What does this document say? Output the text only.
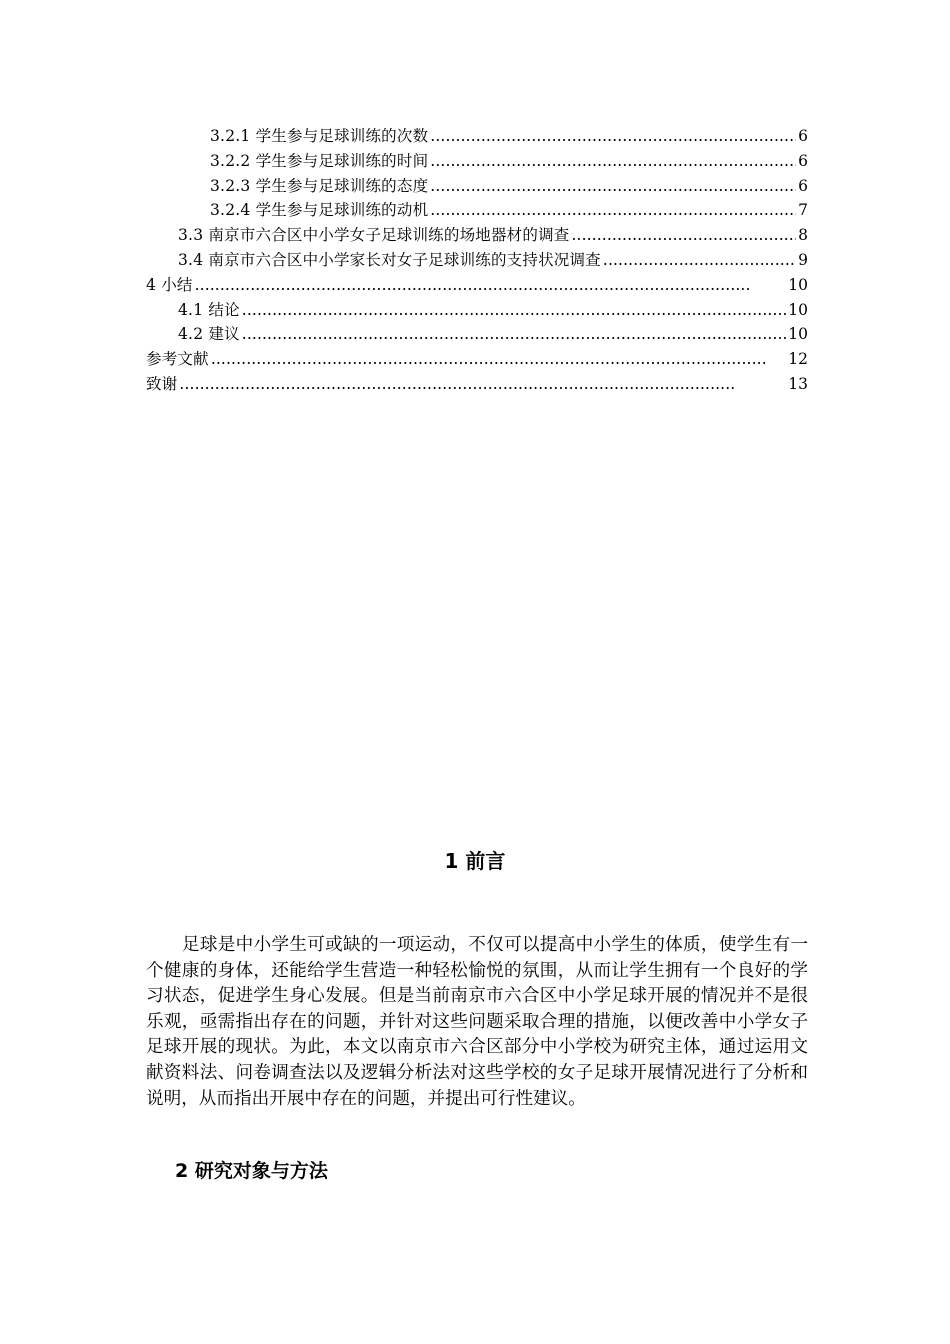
3.2.1 学生参与足球训练的次数 . . .	6
3.2.2 学生参与足球训练的时间 . . .	6
3.2.3 学生参与足球训练的态度 . . .	6
3.2.4 学生参与足球训练的动机 . . .	7
3.3 南京市六合区中小学女子足球训练的场地器材的调查 . . .	8
3.4 南京市六合区中小学家长对女子足球训练的支持状况调查 . . .	9
4 小结 . . .	10
4.1 结论 . . .	10
4.2 建议 . . .	10
参考文献 . . .	12
致谢 . . .	13
1 前言

足球是中小学生可或缺的一项运动，不仅可以提高中小学生的体质，使学生有一个健康的身体，还能给学生营造一种轻松愉悦的氛围，从而让学生拥有一个良好的学习状态，促进学生身心发展。但是当前南京市六合区中小学足球开展的情况并不是很乐观，亟需指出存在的问题，并针对这些问题采取合理的措施，以便改善中小学女子足球开展的现状。为此，本文以南京市六合区部分中小学校为研究主体，通过运用文献资料法、问卷调查法以及逻辑分析法对这些学校的女子足球开展情况进行了分析和说明，从而指出开展中存在的问题，并提出可行性建议。

2 研究对象与方法
